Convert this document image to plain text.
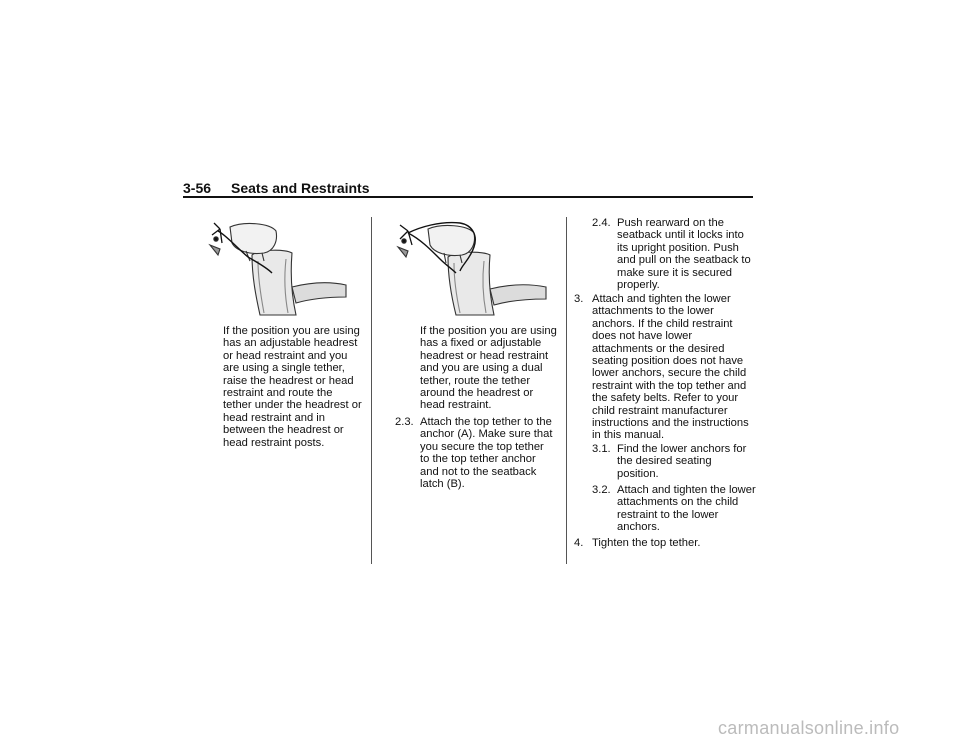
3-56 Seats and Restraints
If the position you are using has an adjustable headrest or head restraint and you are using a single tether, raise the headrest or head restraint and route the tether under the headrest or head restraint and in between the headrest or head restraint posts.
If the position you are using has a fixed or adjustable headrest or head restraint and you are using a dual tether, route the tether around the headrest or head restraint.
2.3. Attach the top tether to the anchor (A). Make sure that you secure the top tether to the top tether anchor and not to the seatback latch (B).
2.4. Push rearward on the seatback until it locks into its upright position. Push and pull on the seatback to make sure it is secured properly.
3. Attach and tighten the lower attachments to the lower anchors. If the child restraint does not have lower attachments or the desired seating position does not have lower anchors, secure the child restraint with the top tether and the safety belts. Refer to your child restraint manufacturer instructions and the instructions in this manual.
3.1. Find the lower anchors for the desired seating position.
3.2. Attach and tighten the lower attachments on the child restraint to the lower anchors.
4. Tighten the top tether.
carmanualsonline.info
